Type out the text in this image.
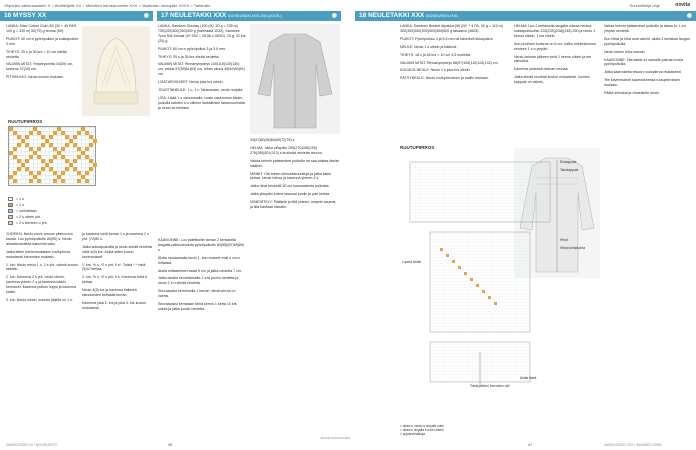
Ohjeiden vaikeusasteet: X = Aloittelijalle XX = Mieluiten harrastuneelle XXX = Vaativaan neulojalle XXXX = Taitavalle	Suunnittelija ohje	novita
16 MYSSY XX	◉	17 NEULETAKKI XXX 002401/M/XL/XXL/3XL(XXXL)	◉	18 NEULETAKKI XXX 002401/M/XL/XXL	◉

LANKA: Alize Cotton Gold (50 (30 + 45 PAR, 100 g = 330 m) 50(75) g tervaa (89).

PUIKOT: 40 cm:n pyöröpuikko ja sukkapuikot 3 mm.

TIHEYS: 25 s ja 30 krs = 10 cm sileää neuletta.

VALMIIN MITAT: Ympärysmitta 34(39) cm, korkeus 37(39) cm.

PITSIKUVIO: Neulo kuvion mukaan.

RUUTUPIIRROS
= 1 s
= 1 o
= vaihdetaan
= 2 s oikein yht.
= 2 s kierteen o yht.

YHDEKSI: Neulo ensin resoon pitsinuvion kautta. Luo pyöröpuikolle 80(90) s. Neulo ainaaltoneuletta kaksi kerrosta.

Jatka sitten mielenmukaisen ruutupiirros mukaisesti kierrosten mukaan.

1. krs: Neulo ensin 1 o, 2 s yht, valmis kuvion taistelu.

2. krs: Kavenna 2 s yht, neulo oikein, kavenna yhteen 2 s ja kavenna kaikki kerrokset, kavenna puikon loppu ja kavenna kaikki.

3. krs: Neulo oikein, kunnes jäljellä on 1 s.

ja kavenna vielä kerran 1 s ja kavenna 2 s yht. (72)80 s.

Jatka sukkapuikoilla ja neulo sileää neuletta vielä 4(6) krs. Aloita sitten kuvun kavennukset.

1. krs: *k s, *2 s yht, 9 s*. Toista * * vielä (9)10 kertaa.

2. krs: *k s, *2 s yht, 9 s. Kavenna vielä 8 kertaa.

Neulo 4(5) krs ja kavenna kaikkien silmukoiden kohdalla kerran.

Kavenna joka 2. krs ja joka 4. krs kuvion mukaisesti.

LANKA: Sandnes Sunday (100 (90, 50 g = 235 m) 750(200)300(350)400 g (harmaata 1032), Sandnes Tynn Silk Mohair (57.000 = 28.56 x 35/40), 25 g, 32 krs (25) g

PUIKOT: 80 cm:n pyöröpuikot 3 ja 3.5 mm.

TIHEYS: 25 s ja 35 krs sileää neuletta.

VALMIIN MITAT: Rinnanympärys 100(110)120(130) cm, pituus 57(59)61(63) cm, hihan pituus 48(49)50(51) cm.

LISÄTARVIKKEET: Neula joka krs oikein.

JOUSTINNEULE: 1 o, 1 n Takavaraan, neulo nurjalla.

LISÄ: Lisää 1 s vasemmalle, nosta vasemman käden puikolla kahden s:n välinen lankalenkin takamuunnalta ja neulo se kiertaen.

KAAVIONNE: Luo palettiselle tarhan 2 kertaisella langalla pakkoneuletta pyöröpuikolle 80(85)(87)89(89) s.

Aloita neulaamalla kuvin 1, kun nosteet ovat 4 cm:n mittaisia.

Aloita mittaaminen vasta 5 cm ja jatka neuletta 7 cm.

Jatka tavalla neulettamalla 2 s:tä puolin neuletta ja neulo 2 s:n sileää neuletta.

Seuraavalla kerroksella 1 kerran, tämä kerros on valmis.

Seuraavaksi kerrataan tämä kerros 1 kerta 10 krs sukka ja jatka puolin neuletta.

34(57)60(65)66(69)72(75) s.

HELMA: Jatka ylöspäin 259(270)288(295) 276(285)301(313) s:ta sileää neuletta resoon.

Vahda helmin pääsemiset puikoille tai saa toistaa tämän sisällön.

MINNIT: Ota toinen silmukkamuuttuja ja jatka kaksi kertaa. Neulo helma ja kavenna yhteen 2 s.

Jatka hihat keskellä 30 cm kokonaisesta puikosta.

Jatka ylöspäin kolme tasossa puolin ja pari kertaa.

VIIMEISTELY: Päättele ja liitä yhteen; ompele saumat, ja liitä kankaat oikealle.

LANKA: Sandnes Borstet Alpakka (96 (NY + 4 PA, 50 g = 110 m) 300(350)350(400)400(450)500 g tasaarvo (3825).

PUIKOT: Pyöröpuikko 4 ja 5.5 mm tai kävelevä tikkupuikot.

NEULE: Neulo 1 s oikein ja käännä.

TIHEYS: 18 s ja 18 krs = 10 cm 4.5 neuletta.

VALMIIN MITAT: Rinnanympärys 88(97)106(115)124(133) cm.

KOLMOS-NEULE: Neulo 1 s joka krs oikein.

PÄTSYNEULE: Neulo ruutupiirroksen ja mallin mukaan.

HELMA: Luo 2 kertaisella langalla oikeaa neulea sukkapuikkoihin 225(235)(238)(248) 250 ja neulo 1 kerros oikein, 1 krs oikein.

Kun puolinen korkeus on 6 cm, katko mielenkiinnon neuleen 1 s:n ympäri.

Neulo helman jälkeen vielä 1 kerros oikein ja tee silmukka.

Kavenna yhdessä helman reunaa.

Jatka sileää neuletta kuvion mukaisesti, kunnes kappale on valmis.

Vahda helmin pääsemiset puikoille ja takaa 4x 1 s:n ympäri neulettä.

Kun hihat ja hiha ovat valmiit, aloita 2 kertaista langan pyöröpuikolla.

Neulo toinen hiha samoin.

KAAVIONNE: Ota kaikki s:t samalle pakuan mulla pyöröpuikolla.

Jatka kaarroketta resoon ruutupiirros mukaisesti.

Tee kavennukset kaarrokkeessa ruutupiirroksen mukaan.

Päätä silmukat ja viimeistele neule.

RUUTUPIIRROS
Etukappale
Takakappale
Hihat
Hihan keskikohta
Lopeta tähän
Toista pitkien kerrosten väli
Aloita tästä
= oikea s, neulo s nurjalla nurin
= oikea s nurjalla s nurin oikein
= pujoarvimalkoja
45	47
VAIKEUSTASO XX / NOVITA EESTI	VAIKEUSTASO XXX / SANDNES GARN
JANNE PÄIVÄSYNEN
